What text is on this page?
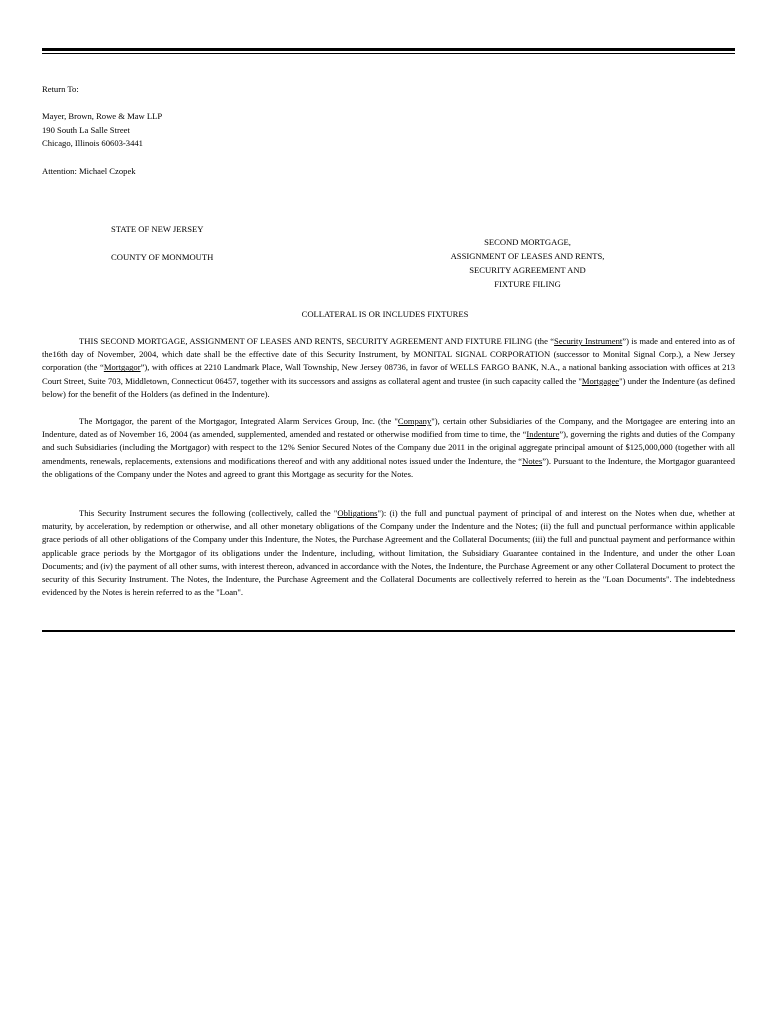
Return To:
Mayer, Brown, Rowe & Maw LLP
190 South La Salle Street
Chicago, Illinois 60603-3441
Attention: Michael Czopek
STATE OF NEW JERSEY
COUNTY OF MONMOUTH
SECOND MORTGAGE,
ASSIGNMENT OF LEASES AND RENTS,
SECURITY AGREEMENT AND
FIXTURE FILING
COLLATERAL IS OR INCLUDES FIXTURES
THIS SECOND MORTGAGE, ASSIGNMENT OF LEASES AND RENTS, SECURITY AGREEMENT AND FIXTURE FILING (the “Security Instrument”) is made and entered into as of the16th day of November, 2004, which date shall be the effective date of this Security Instrument, by MONITAL SIGNAL CORPORATION (successor to Monital Signal Corp.), a New Jersey corporation (the “Mortgagor”), with offices at 2210 Landmark Place, Wall Township, New Jersey 08736, in favor of WELLS FARGO BANK, N.A., a national banking association with offices at 213 Court Street, Suite 703, Middletown, Connecticut 06457, together with its successors and assigns as collateral agent and trustee (in such capacity called the "Mortgagee") under the Indenture (as defined below) for the benefit of the Holders (as defined in the Indenture).
The Mortgagor, the parent of the Mortgagor, Integrated Alarm Services Group, Inc. (the "Company"), certain other Subsidiaries of the Company, and the Mortgagee are entering into an Indenture, dated as of November 16, 2004 (as amended, supplemented, amended and restated or otherwise modified from time to time, the “Indenture”), governing the rights and duties of the Company and such Subsidiaries (including the Mortgagor) with respect to the 12% Senior Secured Notes of the Company due 2011 in the original aggregate principal amount of $125,000,000 (together with all amendments, renewals, replacements, extensions and modifications thereof and with any additional notes issued under the Indenture, the “Notes”). Pursuant to the Indenture, the Mortgagor guaranteed the obligations of the Company under the Notes and agreed to grant this Mortgage as security for the Notes.
This Security Instrument secures the following (collectively, called the "Obligations"): (i) the full and punctual payment of principal of and interest on the Notes when due, whether at maturity, by acceleration, by redemption or otherwise, and all other monetary obligations of the Company under the Indenture and the Notes; (ii) the full and punctual performance within applicable grace periods of all other obligations of the Company under this Indenture, the Notes, the Purchase Agreement and the Collateral Documents; (iii) the full and punctual payment and performance within applicable grace periods by the Mortgagor of its obligations under the Indenture, including, without limitation, the Subsidiary Guarantee contained in the Indenture, and under the other Loan Documents; and (iv) the payment of all other sums, with interest thereon, advanced in accordance with the Notes, the Indenture, the Purchase Agreement or any other Collateral Document to protect the security of this Security Instrument. The Notes, the Indenture, the Purchase Agreement and the Collateral Documents are collectively referred to herein as the "Loan Documents". The indebtedness evidenced by the Notes is herein referred to as the "Loan".
